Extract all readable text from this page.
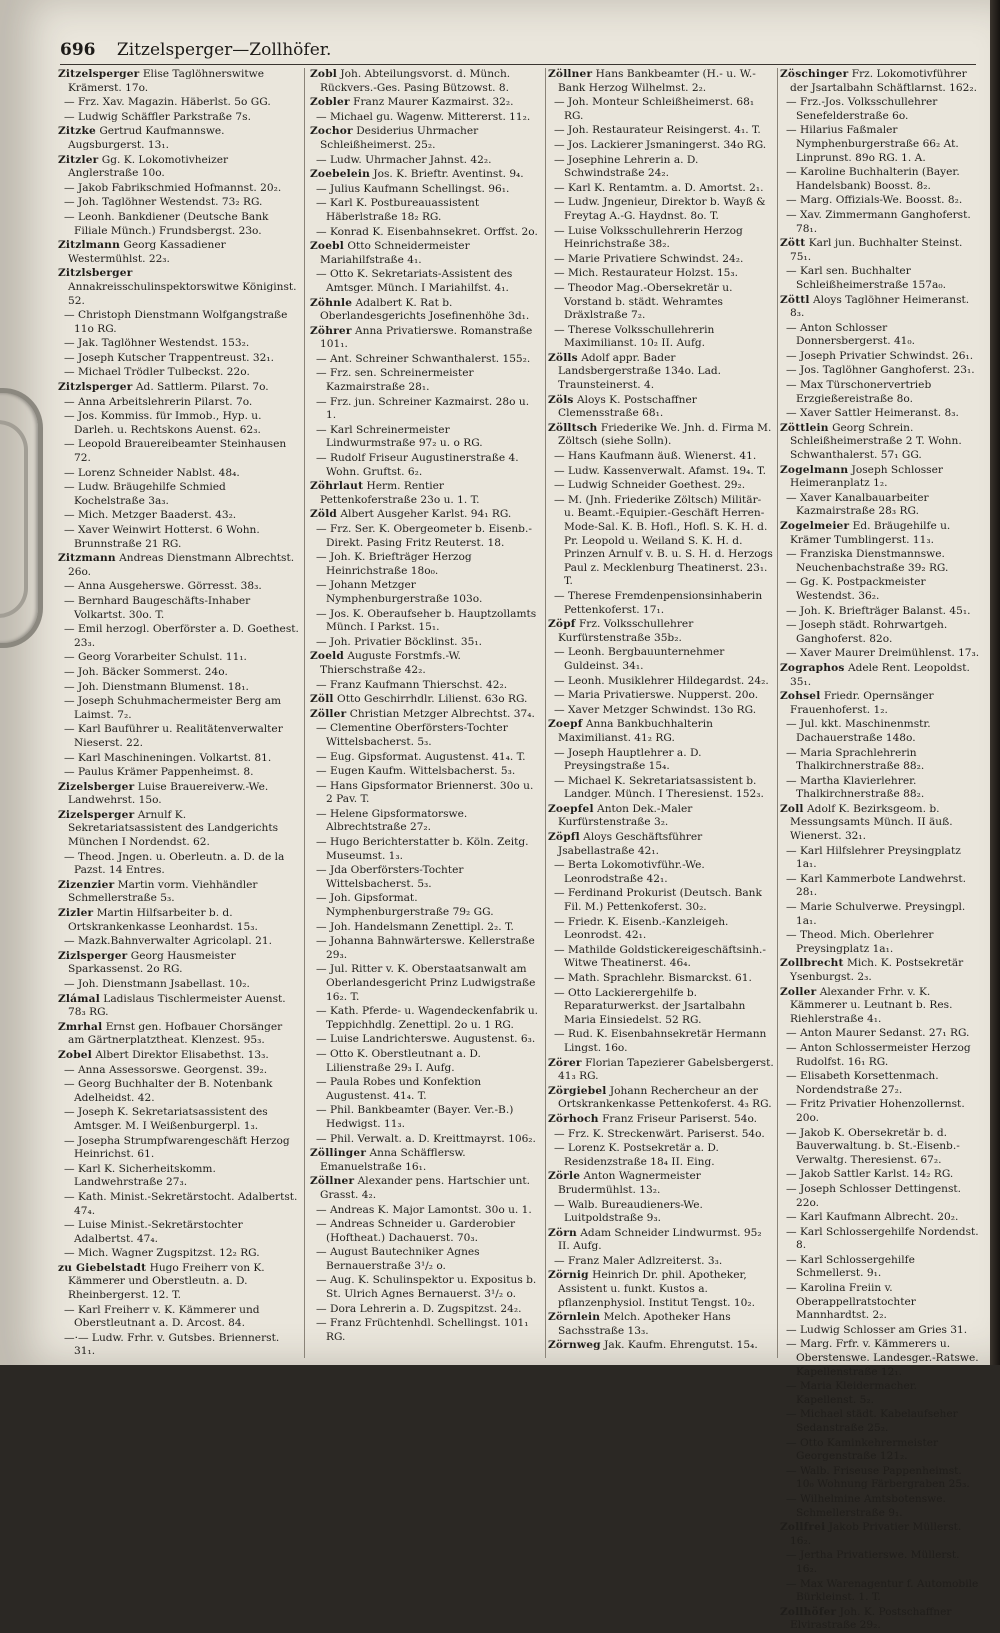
696 Zitzelsperger—Zollhöfer.
Zitzelsperger Elise Taglöhnerswitwe Krämerst. 17o.
— Frz. Xav. Magazin. Häberlst. 5o GG.
— Ludwig Schäffler Parkstraße 7s.
Zitzke Gertrud Kaufmannswe. Augsburgerst. 13₁.
Zitzler Gg. K. Lokomotivheizer Anglerstraße 10o.
— Jakob Fabrikschmied Hofmannst. 20₂.
— Joh. Taglöhner Westendst. 73₂ RG.
— Leonh. Bankdiener (Deutsche Bank Filiale Münch.) Frundsbergst. 23o.
Zitzlmann Georg Kassadiener Westermühlst. 22₃.
Zitzlsberger Annakreisschulinspektorswitwe Königinst. 52.
— Christoph Dienstmann Wolfgangstraße 11o RG.
— Jak. Taglöhner Westendst. 153₂.
— Joseph Kutscher Trappentreust. 32₁.
— Michael Trödler Tulbeckst. 22o.
Zitzlsperger Ad. Sattlerm. Pilarst. 7o.
— Anna Arbeitslehrerin Pilarst. 7o.
— Jos. Kommiss. für Immob., Hyp. u. Darleh. u. Rechtskons Auenst. 62₃.
— Leopold Brauereibeamter Steinhausen 72.
— Lorenz Schneider Nablst. 48₄.
— Ludw. Bräugehilfe Schmied Kochelstraße 3a₃.
— Mich. Metzger Baaderst. 43₂.
— Xaver Weinwirt Hotterst. 6 Wohn. Brunnstraße 21 RG.
Zitzmann Andreas Dienstmann Albrechtst. 26o.
— Anna Ausgeherswe. Görresst. 38₃.
— Bernhard Baugeschäfts-Inhaber Volkartst. 30o. T.
— Emil herzogl. Oberförster a. D. Goethest. 23₃.
— Georg Vorarbeiter Schulst. 11₁.
— Joh. Bäcker Sommerst. 24o.
— Joh. Dienstmann Blumenst. 18₁.
— Joseph Schuhmachermeister Berg am Laimst. 7₂.
— Karl Bauführer u. Realitätenverwalter Nieserst. 22.
— Karl Maschineningen. Volkartst. 81.
— Paulus Krämer Pappenheimst. 8.
Zizelsberger Luise Brauereiverw.-We. Landwehrst. 15o.
Zizelsperger Arnulf K. Sekretariatsassistent des Landgerichts München I Nordendst. 62.
— Theod. Jngen. u. Oberleutn. a. D. de la Pazst. 14 Entres.
Zizenzier Martin vorm. Viehhändler Schmellerstraße 5₃.
Zizler Martin Hilfsarbeiter b. d. Ortskrankenkasse Leonhardst. 15₃.
— Mazk.Bahnverwalter Agricolapl. 21.
Zizlsperger Georg Hausmeister Sparkassenst. 2o RG.
— Joh. Dienstmann Jsabellast. 10₂.
Zlámal Ladislaus Tischlermeister Auenst. 78₃ RG.
Zmrhal Ernst gen. Hofbauer Chorsänger am Gärtnerplatztheat. Klenzest. 95₃.
Zobel Albert Direktor Elisabethst. 13₃.
— Anna Assessorswe. Georgenst. 39₂.
— Georg Buchhalter der B. Notenbank Adelheidst. 42.
— Joseph K. Sekretariatsassistent des Amtsger. M. I Weißenburgerpl. 1₃.
— Josepha Strumpfwarengeschäft Herzog Heinrichst. 61.
— Karl K. Sicherheitskomm. Landwehrstraße 27₃.
— Kath. Minist.-Sekretärstocht. Adalbertst. 47₄.
— Luise Minist.-Sekretärstochter Adalbertst. 47₄.
— Mich. Wagner Zugspitzst. 12₂ RG.
zu Giebelstadt Hugo Freiherr von K. Kämmerer und Oberstleutn. a. D. Rheinbergerst. 12. T.
— Karl Freiherr v. K. Kämmerer und Oberstleutnant a. D. Arcost. 84.
—·— Ludw. Frhr. v. Gutsbes. Briennerst. 31₁.
Zobl Joh. Abteilungsvorst. d. Münch. Rückvers.-Ges. Pasing Bützowst. 8.
Zobler Franz Maurer Kazmairst. 32₂.
— Michael gu. Wagenw. Mittererst. 11₂.
Zochor Desiderius Uhrmacher Schleißheimerst. 25₂.
— Ludw. Uhrmacher Jahnst. 42₂.
Zoebelein Jos. K. Brieftr. Aventinst. 9₄.
— Julius Kaufmann Schellingst. 96₁.
— Karl K. Postbureauassistent Häberlstraße 18₂ RG.
— Konrad K. Eisenbahnsekret. Orffst. 2o.
Zoebl Otto Schneidermeister Mariahilfstraße 4₁.
— Otto K. Sekretariats-Assistent des Amtsger. Münch. I Mariahilfst. 4₁.
Zöhnle Adalbert K. Rat b. Oberlandesgerichts Josefinenhöhe 3d₁.
Zöhrer Anna Privatierswe. Romanstraße 101₁.
— Ant. Schreiner Schwanthalerst. 155₂.
— Frz. sen. Schreinermeister Kazmairstraße 28₁.
— Frz. jun. Schreiner Kazmairst. 28o u. 1.
— Karl Schreinermeister Lindwurmstraße 97₂ u. o RG.
— Rudolf Friseur Augustinerstraße 4. Wohn. Gruftst. 6₂.
Zöhrlaut Herm. Rentier Pettenkoferstraße 23o u. 1. T.
Zöld Albert Ausgeher Karlst. 94₁ RG.
— Frz. Ser. K. Obergeometer b. Eisenb.-Direkt. Pasing Fritz Reuterst. 18.
— Joh. K. Briefträger Herzog Heinrichstraße 18o₀.
— Johann Metzger Nymphenburgerstraße 103o.
— Jos. K. Oberaufseher b. Hauptzollamts Münch. I Parkst. 15₁.
— Joh. Privatier Böcklinst. 35₁.
Zoeld Auguste Forstmfs.-W. Thierschstraße 42₂.
— Franz Kaufmann Thierschst. 42₂.
Zöll Otto Geschirrhdlr. Lilienst. 63o RG.
Zöller Christian Metzger Albrechtst. 37₄.
— Clementine Oberförsters-Tochter Wittelsbacherst. 5₃.
— Eug. Gipsformat. Augustenst. 41₄. T.
— Eugen Kaufm. Wittelsbacherst. 5₃.
— Hans Gipsformator Briennerst. 30o u. 2 Pav. T.
— Helene Gipsformatorswe. Albrechtstraße 27₂.
— Hugo Berichterstatter b. Köln. Zeitg. Museumst. 1₃.
— Jda Oberförsters-Tochter Wittelsbacherst. 5₃.
— Joh. Gipsformat. Nymphenburgerstraße 79₂ GG.
— Joh. Handelsmann Zenettipl. 2₂. T.
— Johanna Bahnwärterswe. Kellerstraße 29₃.
— Jul. Ritter v. K. Oberstaatsanwalt am Oberlandesgericht Prinz Ludwigstraße 16₂. T.
— Kath. Pferde- u. Wagendeckenfabrik u. Teppichhdlg. Zenettipl. 2o u. 1 RG.
— Luise Landrichterswe. Augustenst. 6₃.
— Otto K. Oberstleutnant a. D. Lilienstraße 29₃ I. Aufg.
— Paula Robes und Konfektion Augustenst. 41₄. T.
— Phil. Bankbeamter (Bayer. Ver.-B.) Hedwigst. 11₃.
— Phil. Verwalt. a. D. Kreittmayrst. 106₂.
Zöllinger Anna Schäfflersw. Emanuelstraße 16₁.
Zöllner Alexander pens. Hartschier unt. Grasst. 4₂.
— Andreas K. Major Lamontst. 30o u. 1.
— Andreas Schneider u. Garderobier (Hoftheat.) Dachauerst. 70₃.
— August Bautechniker Agnes Bernauerstraße 3¹/₂ o.
— Aug. K. Schulinspektor u. Expositus b. St. Ulrich Agnes Bernauerst. 3¹/₂ o.
— Dora Lehrerin a. D. Zugspitzst. 24₂.
— Franz Früchtenhdl. Schellingst. 101₁ RG.
Zöllner Hans Bankbeamter (H.- u. W.-Bank Herzog Wilhelmst. 2₂.
— Joh. Monteur Schleißheimerst. 68₁ RG.
— Joh. Restaurateur Reisingerst. 4₁. T.
— Jos. Lackierer Jsmaningerst. 34o RG.
— Josephine Lehrerin a. D. Schwindstraße 24₂.
— Karl K. Rentamtm. a. D. Amortst. 2₁.
— Ludw. Jngenieur, Direktor b. Wayß & Freytag A.-G. Haydnst. 8o. T.
— Luise Volksschullehrerin Herzog Heinrichstraße 38₂.
— Marie Privatiere Schwindst. 24₂.
— Mich. Restaurateur Holzst. 15₃.
— Theodor Mag.-Obersekretär u. Vorstand b. städt. Wehramtes Dräxlstraße 7₂.
— Therese Volksschullehrerin Maximilianst. 10₂ II. Aufg.
Zölls Adolf appr. Bader Landsbergerstraße 134o. Lad. Traunsteinerst. 4.
Zöls Aloys K. Postschaffner Clemensstraße 68₁.
Zölltsch Friederike We. Jnh. d. Firma M. Zöltsch (siehe Solln).
— Hans Kaufmann äuß. Wienerst. 41.
— Ludw. Kassenverwalt. Afamst. 19₄. T.
— Ludwig Schneider Goethest. 29₂.
— M. (Jnh. Friederike Zöltsch) Militär- u. Beamt.-Equipier.-Geschäft Herren-Mode-Sal. K. B. Hofl., Hofl. S. K. H. d. Pr. Leopold u. Weiland S. K. H. d. Prinzen Arnulf v. B. u. S. H. d. Herzogs Paul z. Mecklenburg Theatinerst. 23₁. T.
— Therese Fremdenpensionsinhaberin Pettenkoferst. 17₁.
Zöpf Frz. Volksschullehrer Kurfürstenstraße 35b₂.
— Leonh. Bergbauunternehmer Guldeinst. 34₁.
— Leonh. Musiklehrer Hildegardst. 24₂.
— Maria Privatierswe. Nupperst. 20o.
— Xaver Metzger Schwindst. 13o RG.
Zoepf Anna Bankbuchhalterin Maximilianst. 41₂ RG.
— Joseph Hauptlehrer a. D. Preysingstraße 15₄.
— Michael K. Sekretariatsassistent b. Landger. Münch. I Theresienst. 152₃.
Zoepfel Anton Dek.-Maler Kurfürstenstraße 3₂.
Zöpfl Aloys Geschäftsführer Jsabellastraße 42₁.
— Berta Lokomotivführ.-We. Leonrodstraße 42₁.
— Ferdinand Prokurist (Deutsch. Bank Fil. M.) Pettenkoferst. 30₂.
— Friedr. K. Eisenb.-Kanzleigeh. Leonrodst. 42₁.
— Mathilde Goldstickereigeschäftsinh.-Witwe Theatinerst. 46₄.
— Math. Sprachlehr. Bismarckst. 61.
— Otto Lackierergehilfe b. Reparaturwerkst. der Jsartalbahn Maria Einsiedelst. 52 RG.
— Rud. K. Eisenbahnsekretär Hermann Lingst. 16o.
Zörer Florian Tapezierer Gabelsbergerst. 41₃ RG.
Zörgiebel Johann Rechercheur an der Ortskrankenkasse Pettenkoferst. 4₃ RG.
Zörhoch Franz Friseur Pariserst. 54o.
— Frz. K. Streckenwärt. Pariserst. 54o.
— Lorenz K. Postsekretär a. D. Residenzstraße 18₄ II. Eing.
Zörle Anton Wagnermeister Brudermühlst. 13₂.
— Walb. Bureaudieners-We. Luitpoldstraße 9₃.
Zörn Adam Schneider Lindwurmst. 95₂ II. Aufg.
— Franz Maler Adlzreiterst. 3₃.
Zörnig Heinrich Dr. phil. Apotheker, Assistent u. funkt. Kustos a. pflanzenphysiol. Institut Tengst. 10₂.
Zörnlein Melch. Apotheker Hans Sachsstraße 13₃.
Zörnweg Jak. Kaufm. Ehrengutst. 15₄.
Zöschinger Frz. Lokomotivführer der Jsartalbahn Schäftlarnst. 162₂.
— Frz.-Jos. Volksschullehrer Senefelderstraße 6o.
— Hilarius Faßmaler Nymphenburgerstraße 66₂ At. Linprunst. 89o RG. 1. A.
— Karoline Buchhalterin (Bayer. Handelsbank) Boosst. 8₂.
— Marg. Offizials-We. Boosst. 8₂.
— Xav. Zimmermann Ganghoferst. 78₁.
Zött Karl jun. Buchhalter Steinst. 75₁.
— Karl sen. Buchhalter Schleißheimerstraße 157a₀.
Zöttl Aloys Taglöhner Heimeranst. 8₃.
— Anton Schlosser Donnersbergerst. 41₀.
— Joseph Privatier Schwindst. 26₁.
— Jos. Taglöhner Ganghoferst. 23₁.
— Max Türschonervertrieb Erzgießereistraße 8o.
— Xaver Sattler Heimeranst. 8₃.
Zöttlein Georg Schrein. Schleißheimerstraße 2 T. Wohn. Schwanthalerst. 57₁ GG.
Zogelmann Joseph Schlosser Heimeranplatz 1₂.
— Xaver Kanalbauarbeiter Kazmairstraße 28₃ RG.
Zogelmeier Ed. Bräugehilfe u. Krämer Tumblingerst. 11₃.
— Franziska Dienstmannswe. Neuchenbachstraße 39₂ RG.
— Gg. K. Postpackmeister Westendst. 36₂.
— Joh. K. Briefträger Balanst. 45₁.
— Joseph städt. Rohrwartgeh. Ganghoferst. 82o.
— Xaver Maurer Dreimühlenst. 17₃.
Zographos Adele Rent. Leopoldst. 35₁.
Zohsel Friedr. Opernsänger Frauenhoferst. 1₂.
— Jul. kkt. Maschinenmstr. Dachauerstraße 148o.
— Maria Sprachlehrerin Thalkirchnerstraße 88₂.
— Martha Klavierlehrer. Thalkirchnerstraße 88₂.
Zoll Adolf K. Bezirksgeom. b. Messungsamts Münch. II äuß. Wienerst. 32₁.
— Karl Hilfslehrer Preysingplatz 1a₁.
— Karl Kammerbote Landwehrst. 28₁.
— Marie Schulverwe. Preysingpl. 1a₁.
— Theod. Mich. Oberlehrer Preysingplatz 1a₁.
Zollbrecht Mich. K. Postsekretär Ysenburgst. 2₃.
Zoller Alexander Frhr. v. K. Kämmerer u. Leutnant b. Res. Riehlerstraße 4₁.
— Anton Maurer Sedanst. 27₁ RG.
— Anton Schlossermeister Herzog Rudolfst. 16₁ RG.
— Elisabeth Korsettenmach. Nordendstraße 27₂.
— Fritz Privatier Hohenzollernst. 20o.
— Jakob K. Obersekretär b. d. Bauverwaltung. b. St.-Eisenb.-Verwaltg. Theresienst. 67₂.
— Jakob Sattler Karlst. 14₂ RG.
— Joseph Schlosser Dettingenst. 22o.
— Karl Kaufmann Albrecht. 20₂.
— Karl Schlossergehilfe Nordendst. 8.
— Karl Schlossergehilfe Schmellerst. 9₁.
— Karolina Freiin v. Oberappellratstochter Mannhardtst. 2₂.
— Ludwig Schlosser am Gries 31.
— Marg. Frfr. v. Kämmerers u. Oberstenswe. Landesger.-Ratswe. Kapellenstraße 12₁.
— Maria Kleidermacher. Kapellenst. 5₂.
— Michael städt. Kabelaufseher Sedanstraße 25₂.
— Otto Kaminkehrermeister Georgenstraße 121₂.
— Walb. Friseuse Pappenheimst. 10₀ Wohnung Färbergraben 25₃.
— Wilhelmine Amtsbotenswe. Schmellerstraße 9₁.
Zollfrei Jakob Privatier Müllerst. 16₂.
— Jertha Privatierswe. Müllerst. 16₂.
— Max Warenagentur f. Automobile Bürkleinst. 1. T.
Zollhöfer Joh. K. Postschaffner Elvirastraße 29₂.
